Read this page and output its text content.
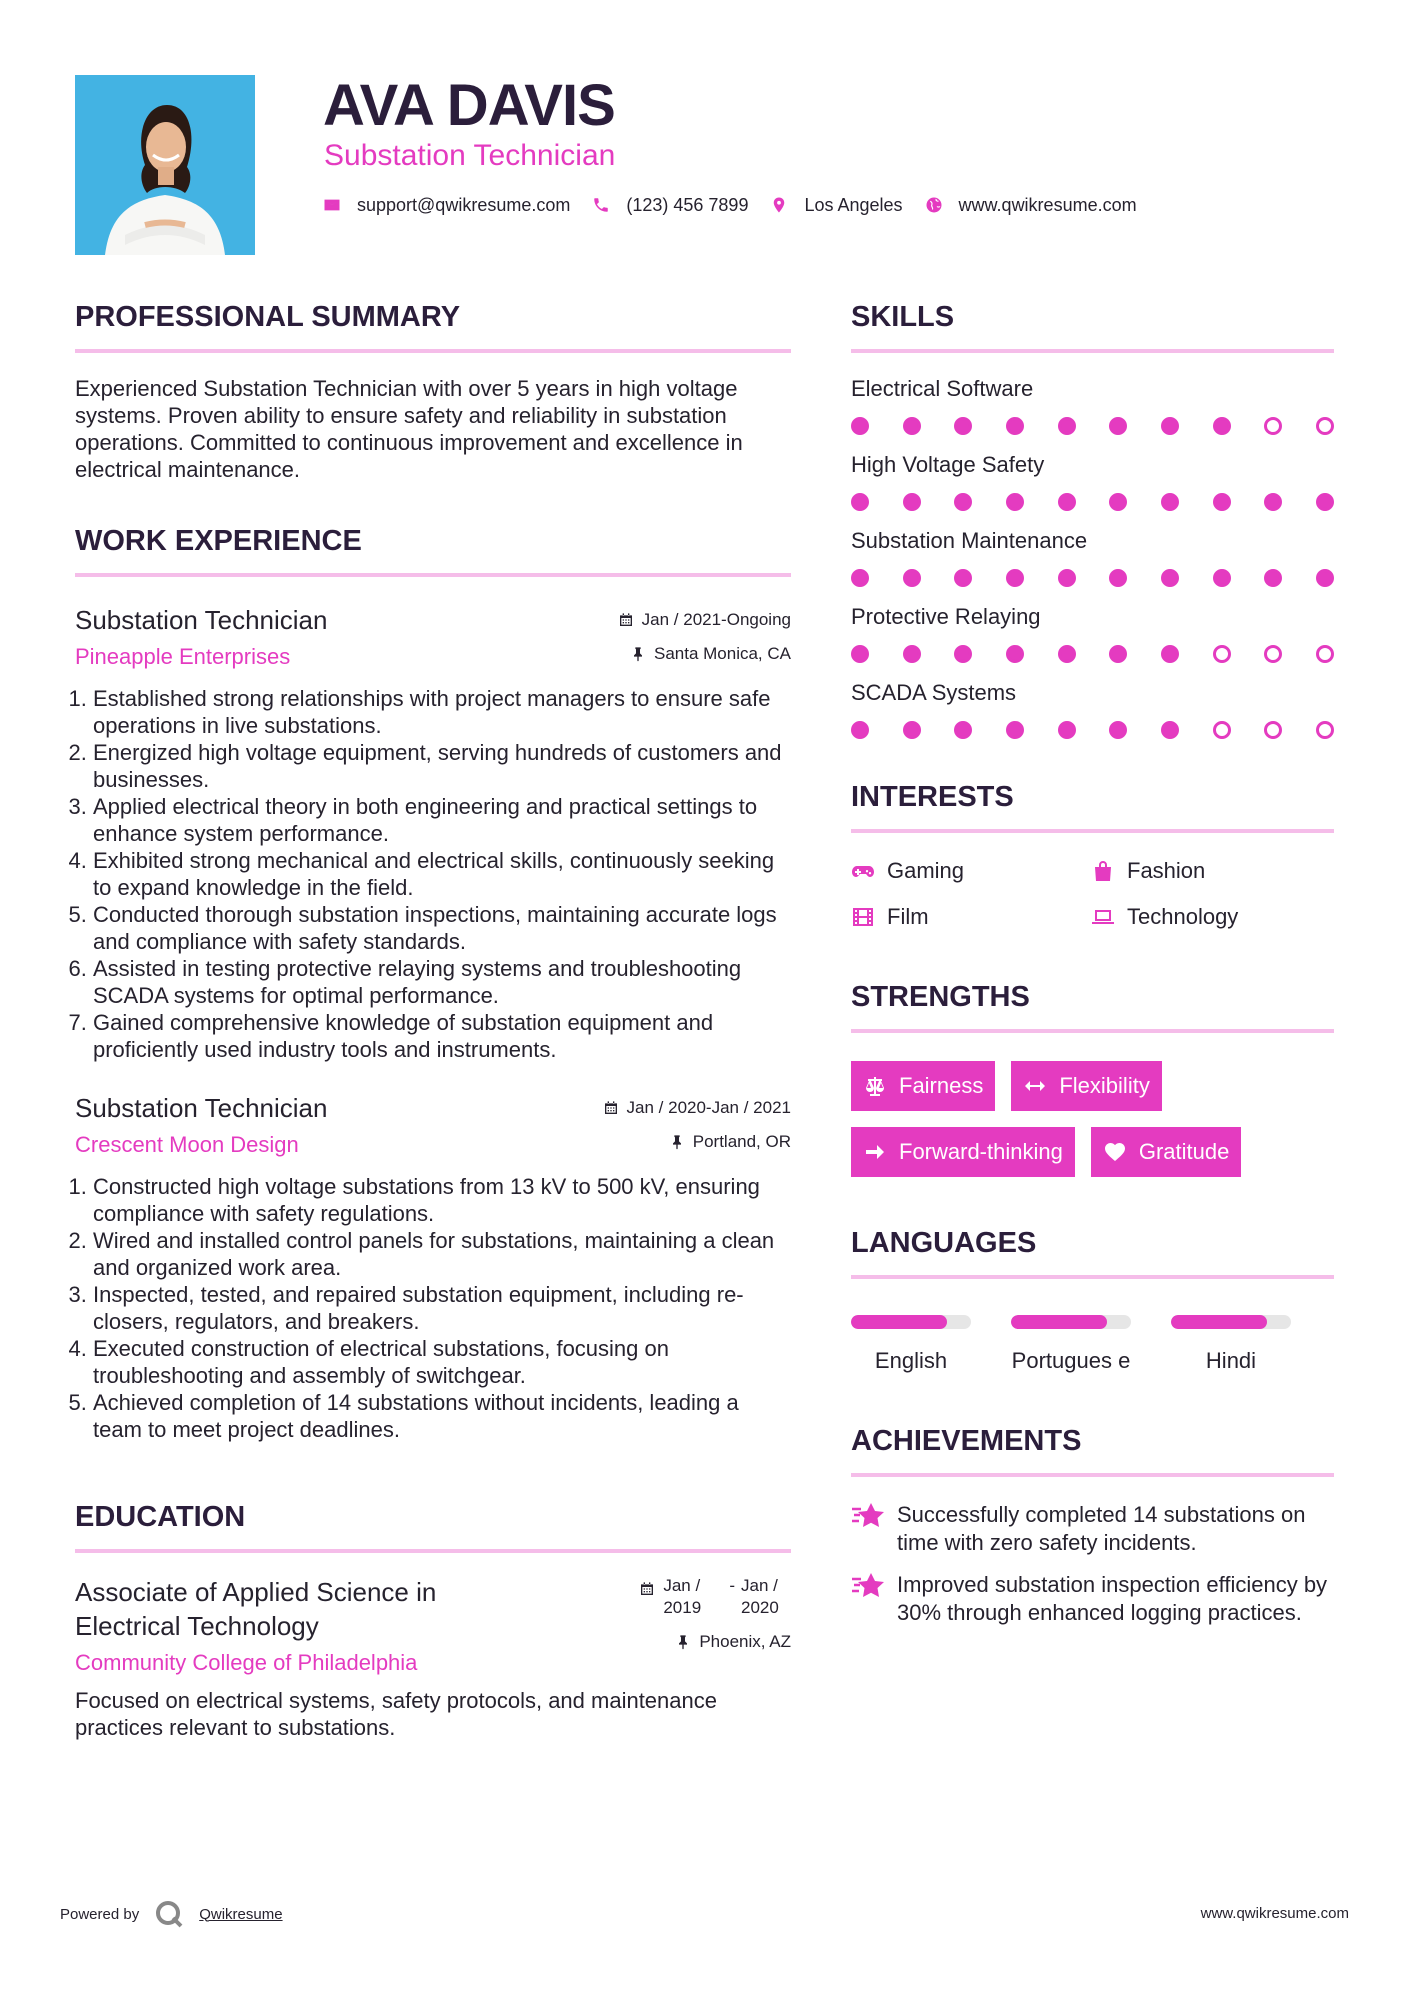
AVA DAVIS
Substation Technician
support@qwikresume.com	(123) 456 7899	Los Angeles	www.qwikresume.com
PROFESSIONAL SUMMARY

Experienced Substation Technician with over 5 years in high voltage systems. Proven ability to ensure safety and reliability in substation operations. Committed to continuous improvement and excellence in electrical maintenance.

WORK EXPERIENCE
Substation Technician
Pineapple Enterprises
Jan / 2021-Ongoing
Santa Monica, CA
1. Established strong relationships with project managers to ensure safe operations in live substations.
2. Energized high voltage equipment, serving hundreds of customers and businesses.
3. Applied electrical theory in both engineering and practical settings to enhance system performance.
4. Exhibited strong mechanical and electrical skills, continuously seeking to expand knowledge in the field.
5. Conducted thorough substation inspections, maintaining accurate logs and compliance with safety standards.
6. Assisted in testing protective relaying systems and troubleshooting SCADA systems for optimal performance.
7. Gained comprehensive knowledge of substation equipment and proficiently used industry tools and instruments.
Substation Technician
Crescent Moon Design
Jan / 2020-Jan / 2021
Portland, OR
1. Constructed high voltage substations from 13 kV to 500 kV, ensuring compliance with safety regulations.
2. Wired and installed control panels for substations, maintaining a clean and organized work area.
3. Inspected, tested, and repaired substation equipment, including re-closers, regulators, and breakers.
4. Executed construction of electrical substations, focusing on troubleshooting and assembly of switchgear.
5. Achieved completion of 14 substations without incidents, leading a team to meet project deadlines.
EDUCATION
Associate of Applied Science in Electrical Technology
Community College of Philadelphia
Jan / 2019
- Jan / 2020
Phoenix, AZ

Focused on electrical systems, safety protocols, and maintenance practices relevant to substations.

SKILLS
Electrical Software
High Voltage Safety
Substation Maintenance
Protective Relaying
SCADA Systems
INTERESTS
Gaming	Fashion
Film	Technology
STRENGTHS
Fairness	Flexibility
Forward-thinking	Gratitude
LANGUAGES
English	Portugues e	Hindi
ACHIEVEMENTS
Successfully completed 14 substations on time with zero safety incidents.
Improved substation inspection efficiency by 30% through enhanced logging practices.
Powered by	Qwikresume	www.qwikresume.com
